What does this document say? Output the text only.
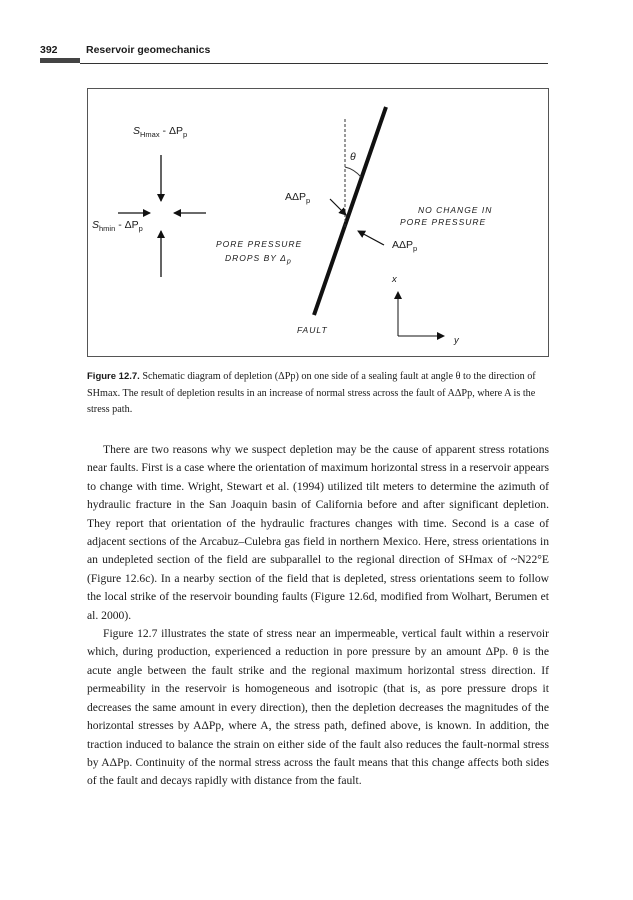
392	Reservoir geomechanics
$S_{Hmax} - \Delta P_p$
$S_{hmin} - \Delta P_p$
θ
$A\Delta P_p$
$A\Delta P_p$
NO CHANGE IN
PORE PRESSURE
PORE PRESSURE
DROPS BY $\Delta_p$
FAULT
x
y
Figure 12.7. Schematic diagram of depletion (ΔPp) on one side of a sealing fault at angle θ to the direction of SHmax. The result of depletion results in an increase of normal stress across the fault of AΔPp, where A is the stress path.

There are two reasons why we suspect depletion may be the cause of apparent stress rotations near faults. First is a case where the orientation of maximum horizontal stress in a reservoir appears to change with time. Wright, Stewart et al. (1994) utilized tilt meters to determine the azimuth of hydraulic fracture in the San Joaquin basin of California before and after significant depletion. They report that orientation of the hydraulic fractures changes with time. Second is a case of adjacent sections of the Arcabuz–Culebra gas field in northern Mexico. Here, stress orientations in an undepleted section of the field are subparallel to the regional direction of SHmax of ~N22°E (Figure 12.6c). In a nearby section of the field that is depleted, stress orientations seem to follow the local strike of the reservoir bounding faults (Figure 12.6d, modified from Wolhart, Berumen et al. 2000).

Figure 12.7 illustrates the state of stress near an impermeable, vertical fault within a reservoir which, during production, experienced a reduction in pore pressure by an amount ΔPp. θ is the acute angle between the fault strike and the regional maximum horizontal stress direction. If permeability in the reservoir is homogeneous and isotropic (that is, as pore pressure drops it decreases the same amount in every direction), then the depletion decreases the magnitudes of the horizontal stresses by AΔPp, where A, the stress path, defined above, is known. In addition, the traction induced to balance the strain on either side of the fault also reduces the fault-normal stress by AΔPp. Continuity of the normal stress across the fault means that this change affects both sides of the fault and decays rapidly with distance from the fault.
